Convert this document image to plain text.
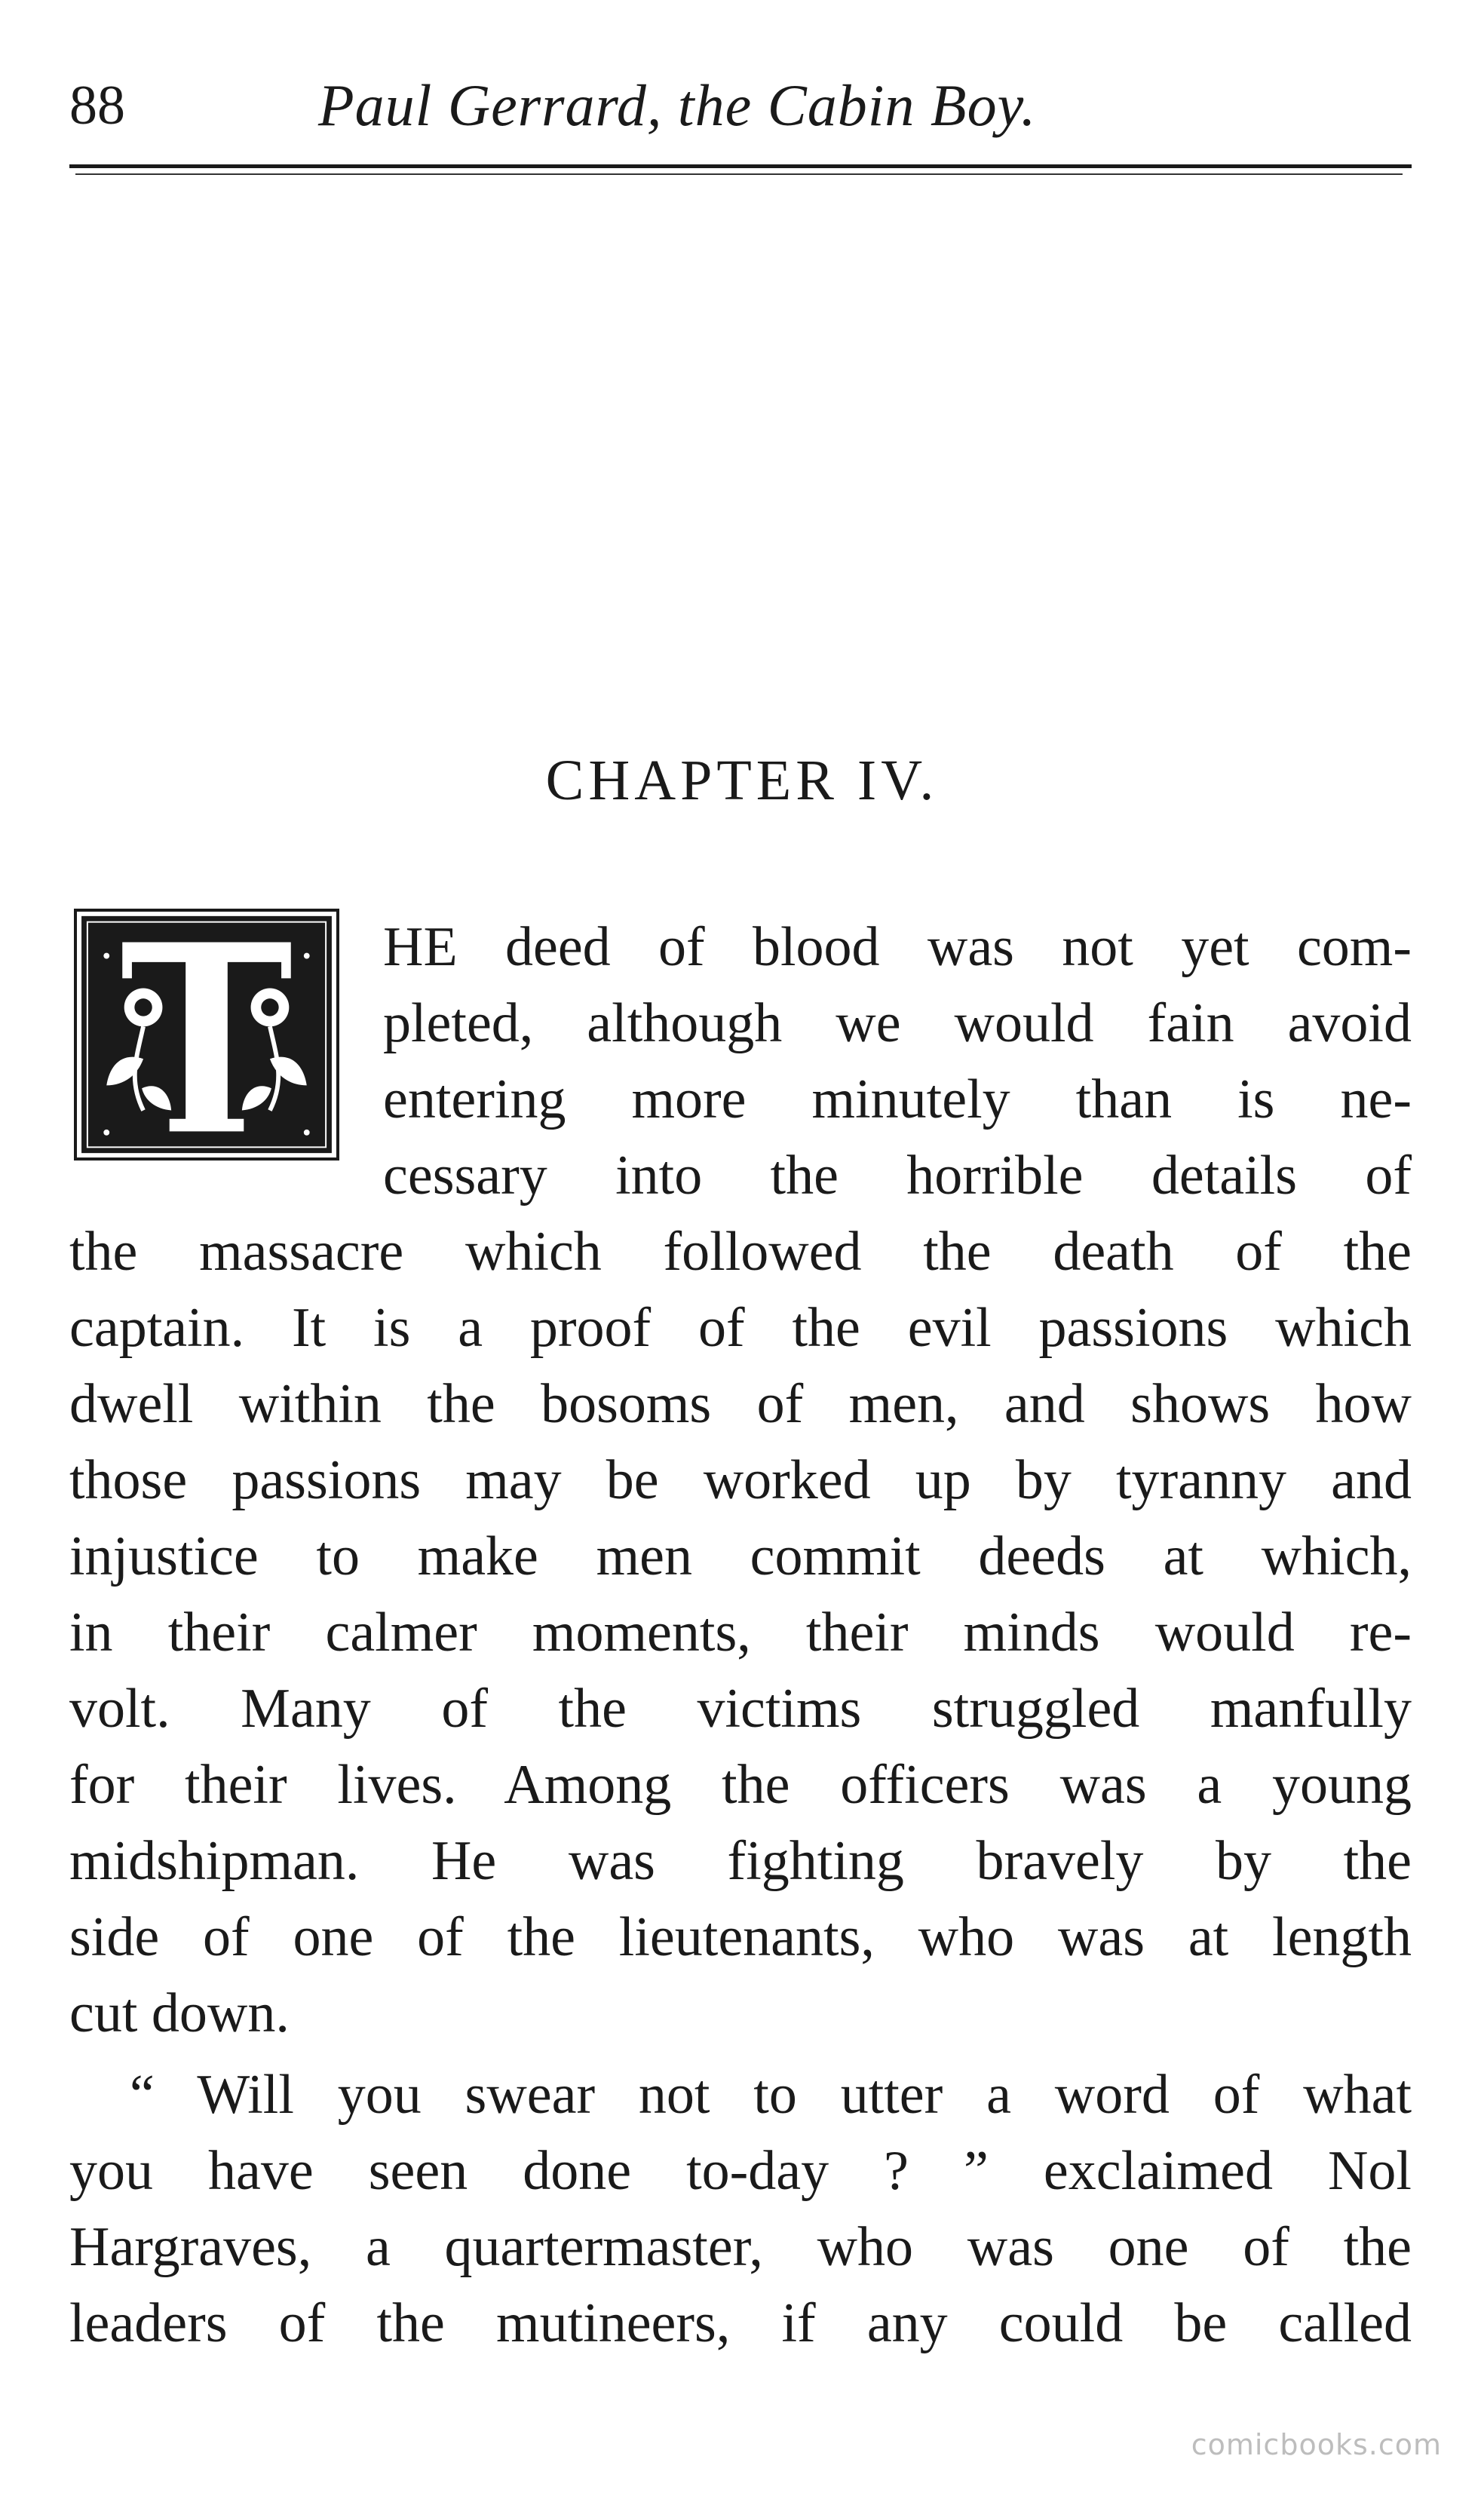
88	Paul Gerrard, the Cabin Boy.
CHAPTER IV.
HE deed of blood was not yet com-
pleted, although we would fain avoid
entering more minutely than is ne-
cessary into the horrible details of
the massacre which followed the death of the
captain. It is a proof of the evil passions which
dwell within the bosoms of men, and shows how
those passions may be worked up by tyranny and
injustice to make men commit deeds at which,
in their calmer moments, their minds would re-
volt. Many of the victims struggled manfully
for their lives. Among the officers was a young
midshipman. He was fighting bravely by the
side of one of the lieutenants, who was at length
cut down.
“ Will you swear not to utter a word of what
you have seen done to-day ? ” exclaimed Nol
Hargraves, a quartermaster, who was one of the
leaders of the mutineers, if any could be called
comicbooks.com
